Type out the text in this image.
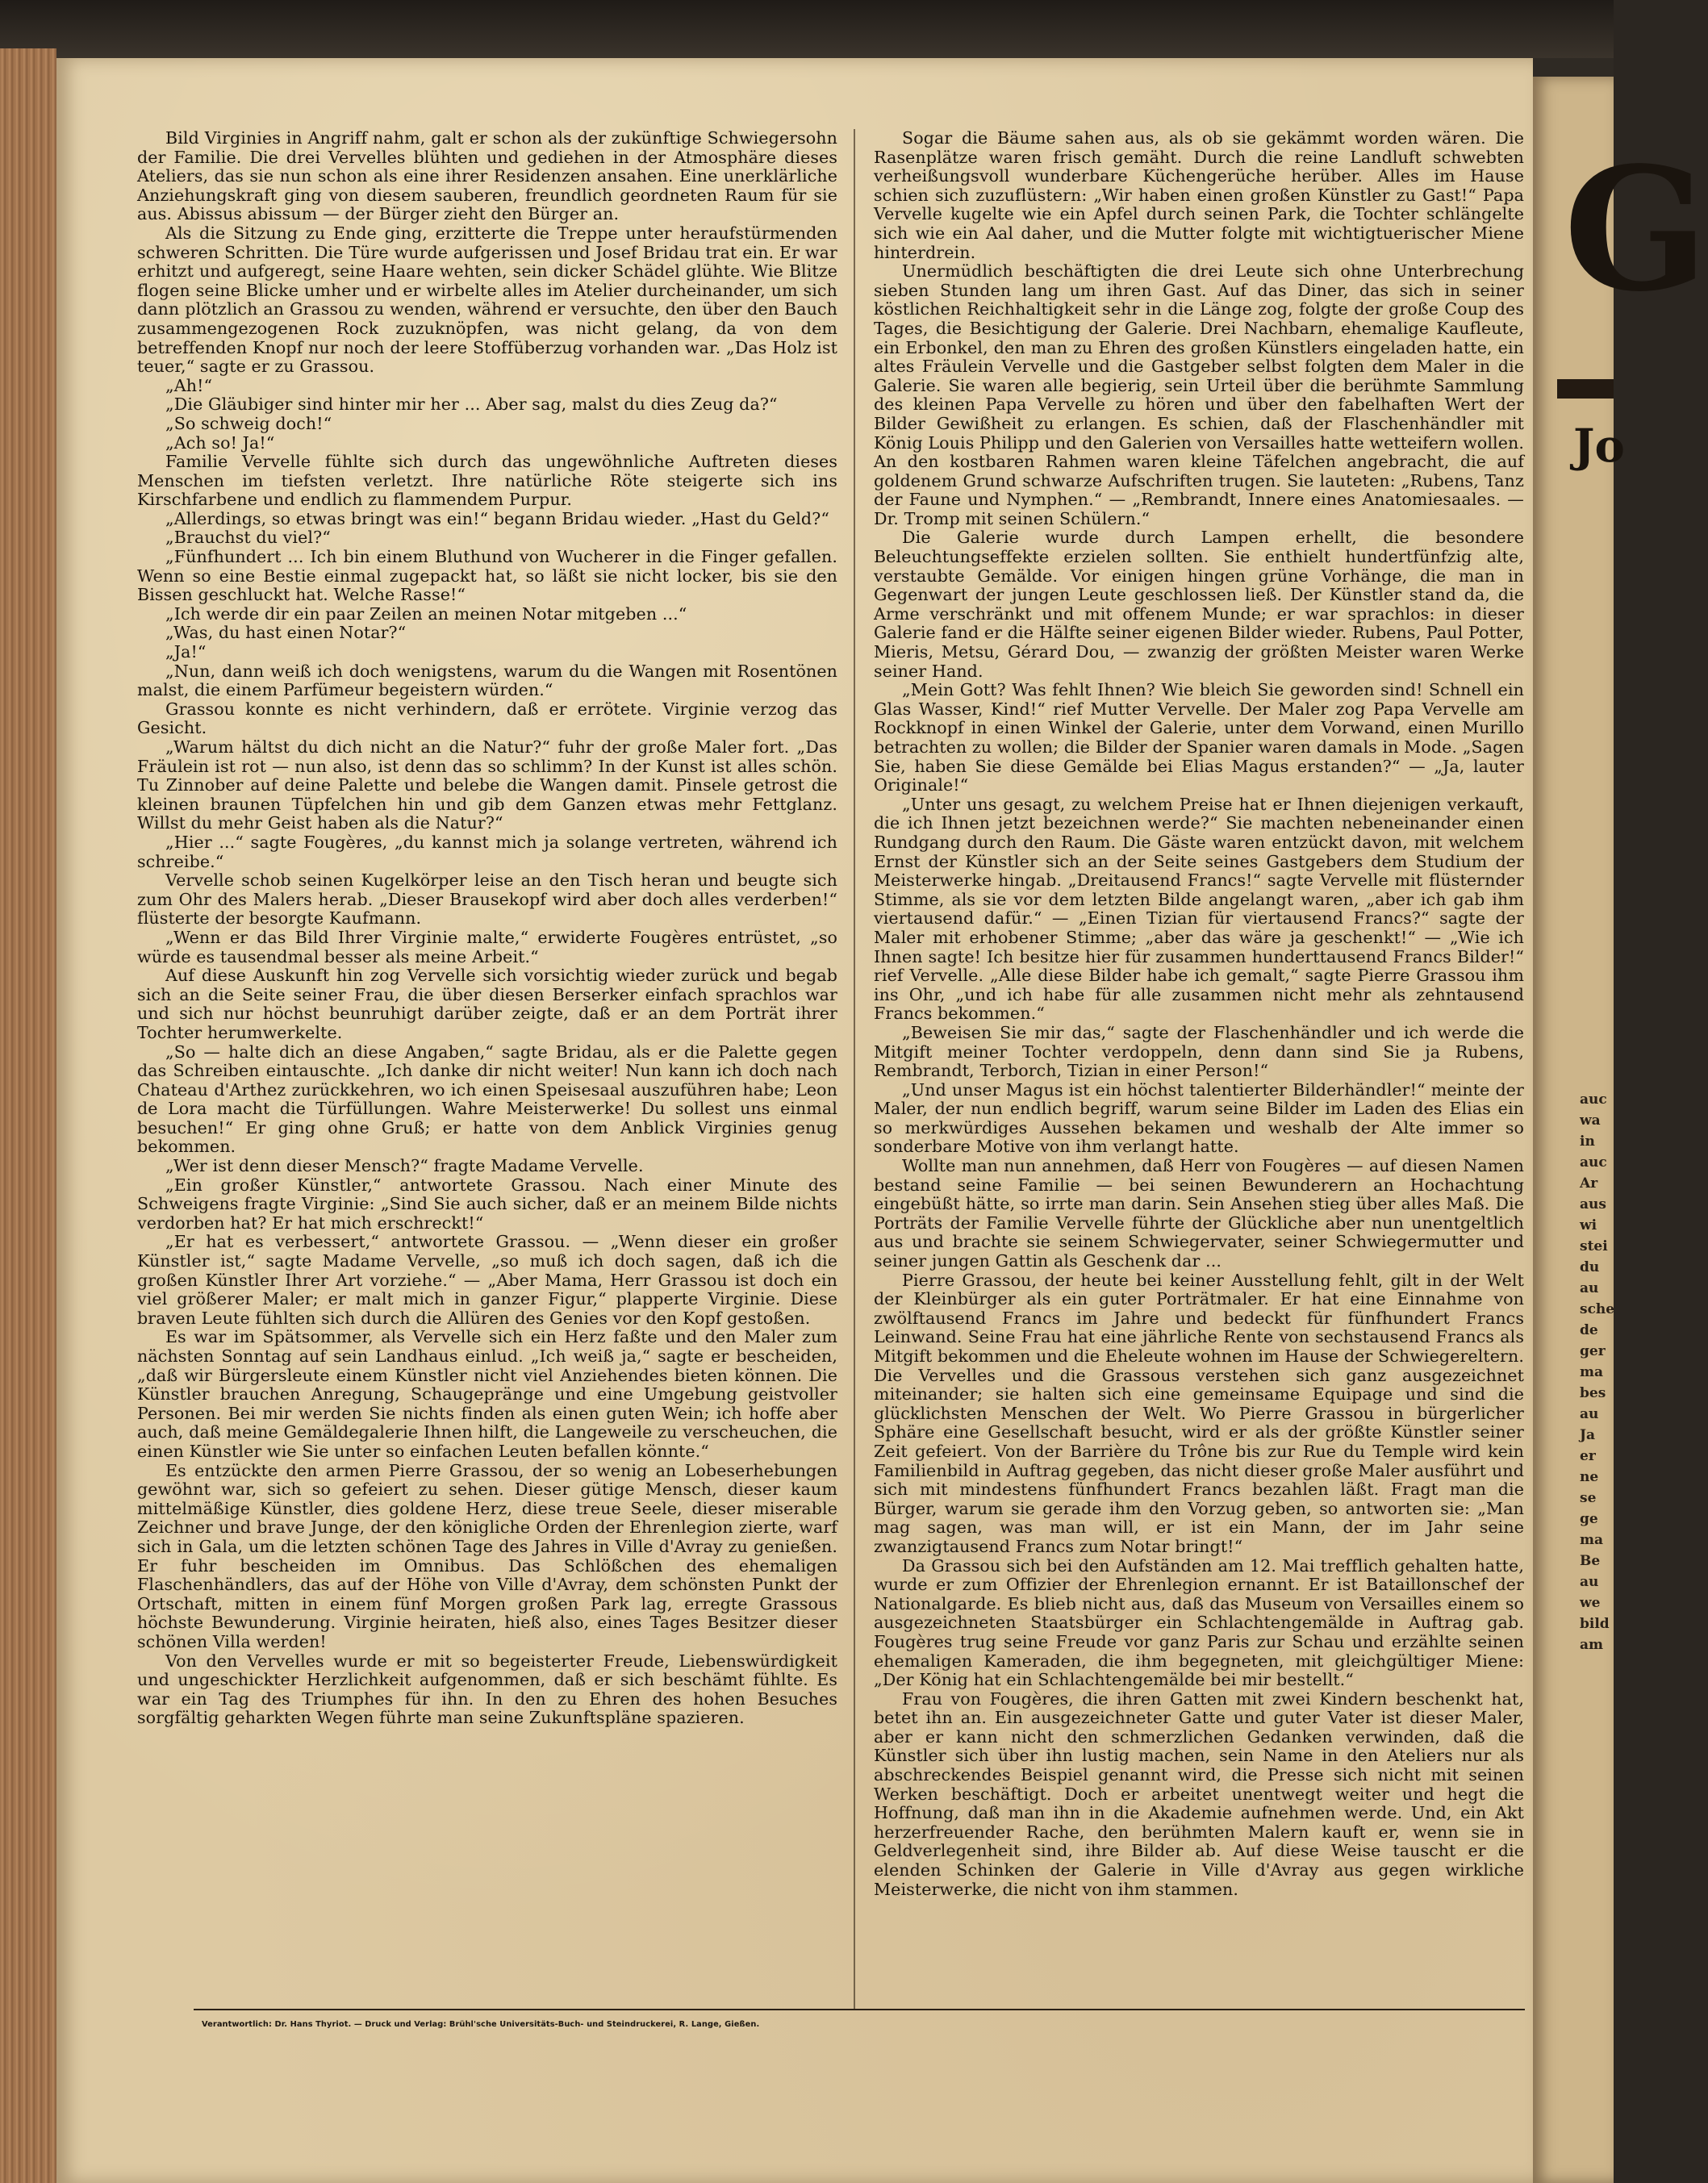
G
Jo
auc
wa
in
auc
Ar
aus
wi
stei
du
au
sche
de
ger
ma
bes
au
Ja
er
ne
se
ge
ma
Be
au
we
bild
am

Bild Virginies in Angriff nahm, galt er schon als der zukünftige Schwiegersohn der Familie. Die drei Vervelles blühten und gediehen in der Atmosphäre dieses Ateliers, das sie nun schon als eine ihrer Residenzen ansahen. Eine unerklärliche Anziehungskraft ging von diesem sauberen, freundlich geordneten Raum für sie aus. Abissus abissum — der Bürger zieht den Bürger an.

Als die Sitzung zu Ende ging, erzitterte die Treppe unter heraufstürmenden schweren Schritten. Die Türe wurde aufgerissen und Josef Bridau trat ein. Er war erhitzt und aufgeregt, seine Haare wehten, sein dicker Schädel glühte. Wie Blitze flogen seine Blicke umher und er wirbelte alles im Atelier durcheinander, um sich dann plötzlich an Grassou zu wenden, während er versuchte, den über den Bauch zusammengezogenen Rock zuzuknöpfen, was nicht gelang, da von dem betreffenden Knopf nur noch der leere Stoffüberzug vorhanden war. „Das Holz ist teuer,“ sagte er zu Grassou.

„Ah!“

„Die Gläubiger sind hinter mir her ... Aber sag, malst du dies Zeug da?“

„So schweig doch!“

„Ach so! Ja!“

Familie Vervelle fühlte sich durch das ungewöhnliche Auftreten dieses Menschen im tiefsten verletzt. Ihre natürliche Röte steigerte sich ins Kirschfarbene und endlich zu flammendem Purpur.

„Allerdings, so etwas bringt was ein!“ begann Bridau wieder. „Hast du Geld?“

„Brauchst du viel?“

„Fünfhundert ... Ich bin einem Bluthund von Wucherer in die Finger gefallen. Wenn so eine Bestie einmal zugepackt hat, so läßt sie nicht locker, bis sie den Bissen geschluckt hat. Welche Rasse!“

„Ich werde dir ein paar Zeilen an meinen Notar mitgeben ...“

„Was, du hast einen Notar?“

„Ja!“

„Nun, dann weiß ich doch wenigstens, warum du die Wangen mit Rosentönen malst, die einem Parfümeur begeistern würden.“

Grassou konnte es nicht verhindern, daß er errötete. Virginie verzog das Gesicht.

„Warum hältst du dich nicht an die Natur?“ fuhr der große Maler fort. „Das Fräulein ist rot — nun also, ist denn das so schlimm? In der Kunst ist alles schön. Tu Zinnober auf deine Palette und belebe die Wangen damit. Pinsele getrost die kleinen braunen Tüpfelchen hin und gib dem Ganzen etwas mehr Fettglanz. Willst du mehr Geist haben als die Natur?“

„Hier ...“ sagte Fougères, „du kannst mich ja solange vertreten, während ich schreibe.“

Vervelle schob seinen Kugelkörper leise an den Tisch heran und beugte sich zum Ohr des Malers herab. „Dieser Brausekopf wird aber doch alles verderben!“ flüsterte der besorgte Kaufmann.

„Wenn er das Bild Ihrer Virginie malte,“ erwiderte Fougères entrüstet, „so würde es tausendmal besser als meine Arbeit.“

Auf diese Auskunft hin zog Vervelle sich vorsichtig wieder zurück und begab sich an die Seite seiner Frau, die über diesen Berserker einfach sprachlos war und sich nur höchst beunruhigt darüber zeigte, daß er an dem Porträt ihrer Tochter herumwerkelte.

„So — halte dich an diese Angaben,“ sagte Bridau, als er die Palette gegen das Schreiben eintauschte. „Ich danke dir nicht weiter! Nun kann ich doch nach Chateau d'Arthez zurückkehren, wo ich einen Speisesaal auszuführen habe; Leon de Lora macht die Türfüllungen. Wahre Meisterwerke! Du sollest uns einmal besuchen!“ Er ging ohne Gruß; er hatte von dem Anblick Virginies genug bekommen.

„Wer ist denn dieser Mensch?“ fragte Madame Vervelle.

„Ein großer Künstler,“ antwortete Grassou. Nach einer Minute des Schweigens fragte Virginie: „Sind Sie auch sicher, daß er an meinem Bilde nichts verdorben hat? Er hat mich erschreckt!“

„Er hat es verbessert,“ antwortete Grassou. — „Wenn dieser ein großer Künstler ist,“ sagte Madame Vervelle, „so muß ich doch sagen, daß ich die großen Künstler Ihrer Art vorziehe.“ — „Aber Mama, Herr Grassou ist doch ein viel größerer Maler; er malt mich in ganzer Figur,“ plapperte Virginie. Diese braven Leute fühlten sich durch die Allüren des Genies vor den Kopf gestoßen.

Es war im Spätsommer, als Vervelle sich ein Herz faßte und den Maler zum nächsten Sonntag auf sein Landhaus einlud. „Ich weiß ja,“ sagte er bescheiden, „daß wir Bürgersleute einem Künstler nicht viel Anziehendes bieten können. Die Künstler brauchen Anregung, Schaugepränge und eine Umgebung geistvoller Personen. Bei mir werden Sie nichts finden als einen guten Wein; ich hoffe aber auch, daß meine Gemäldegalerie Ihnen hilft, die Langeweile zu verscheuchen, die einen Künstler wie Sie unter so einfachen Leuten befallen könnte.“

Es entzückte den armen Pierre Grassou, der so wenig an Lobeserhebungen gewöhnt war, sich so gefeiert zu sehen. Dieser gütige Mensch, dieser kaum mittelmäßige Künstler, dies goldene Herz, diese treue Seele, dieser miserable Zeichner und brave Junge, der den königliche Orden der Ehrenlegion zierte, warf sich in Gala, um die letzten schönen Tage des Jahres in Ville d'Avray zu genießen. Er fuhr bescheiden im Omnibus. Das Schlößchen des ehemaligen Flaschenhändlers, das auf der Höhe von Ville d'Avray, dem schönsten Punkt der Ortschaft, mitten in einem fünf Morgen großen Park lag, erregte Grassous höchste Bewunderung. Virginie heiraten, hieß also, eines Tages Besitzer dieser schönen Villa werden!

Von den Vervelles wurde er mit so begeisterter Freude, Liebenswürdigkeit und ungeschickter Herzlichkeit aufgenommen, daß er sich beschämt fühlte. Es war ein Tag des Triumphes für ihn. In den zu Ehren des hohen Besuches sorgfältig geharkten Wegen führte man seine Zukunftspläne spazieren.

Sogar die Bäume sahen aus, als ob sie gekämmt worden wären. Die Rasenplätze waren frisch gemäht. Durch die reine Landluft schwebten verheißungsvoll wunderbare Küchengerüche herüber. Alles im Hause schien sich zuzuflüstern: „Wir haben einen großen Künstler zu Gast!“ Papa Vervelle kugelte wie ein Apfel durch seinen Park, die Tochter schlängelte sich wie ein Aal daher, und die Mutter folgte mit wichtigtuerischer Miene hinterdrein.

Unermüdlich beschäftigten die drei Leute sich ohne Unterbrechung sieben Stunden lang um ihren Gast. Auf das Diner, das sich in seiner köstlichen Reichhaltigkeit sehr in die Länge zog, folgte der große Coup des Tages, die Besichtigung der Galerie. Drei Nachbarn, ehemalige Kaufleute, ein Erbonkel, den man zu Ehren des großen Künstlers eingeladen hatte, ein altes Fräulein Vervelle und die Gastgeber selbst folgten dem Maler in die Galerie. Sie waren alle begierig, sein Urteil über die berühmte Sammlung des kleinen Papa Vervelle zu hören und über den fabelhaften Wert der Bilder Gewißheit zu erlangen. Es schien, daß der Flaschenhändler mit König Louis Philipp und den Galerien von Versailles hatte wetteifern wollen. An den kostbaren Rahmen waren kleine Täfelchen angebracht, die auf goldenem Grund schwarze Aufschriften trugen. Sie lauteten: „Rubens, Tanz der Faune und Nymphen.“ — „Rembrandt, Innere eines Anatomiesaales. — Dr. Tromp mit seinen Schülern.“

Die Galerie wurde durch Lampen erhellt, die besondere Beleuchtungseffekte erzielen sollten. Sie enthielt hundertfünfzig alte, verstaubte Gemälde. Vor einigen hingen grüne Vorhänge, die man in Gegenwart der jungen Leute geschlossen ließ. Der Künstler stand da, die Arme verschränkt und mit offenem Munde; er war sprachlos: in dieser Galerie fand er die Hälfte seiner eigenen Bilder wieder. Rubens, Paul Potter, Mieris, Metsu, Gérard Dou, — zwanzig der größten Meister waren Werke seiner Hand.

„Mein Gott? Was fehlt Ihnen? Wie bleich Sie geworden sind! Schnell ein Glas Wasser, Kind!“ rief Mutter Vervelle. Der Maler zog Papa Vervelle am Rockknopf in einen Winkel der Galerie, unter dem Vorwand, einen Murillo betrachten zu wollen; die Bilder der Spanier waren damals in Mode. „Sagen Sie, haben Sie diese Gemälde bei Elias Magus erstanden?“ — „Ja, lauter Originale!“

„Unter uns gesagt, zu welchem Preise hat er Ihnen diejenigen verkauft, die ich Ihnen jetzt bezeichnen werde?“ Sie machten nebeneinander einen Rundgang durch den Raum. Die Gäste waren entzückt davon, mit welchem Ernst der Künstler sich an der Seite seines Gastgebers dem Studium der Meisterwerke hingab. „Dreitausend Francs!“ sagte Vervelle mit flüsternder Stimme, als sie vor dem letzten Bilde angelangt waren, „aber ich gab ihm viertausend dafür.“ — „Einen Tizian für viertausend Francs?“ sagte der Maler mit erhobener Stimme; „aber das wäre ja geschenkt!“ — „Wie ich Ihnen sagte! Ich besitze hier für zusammen hunderttausend Francs Bilder!“ rief Vervelle. „Alle diese Bilder habe ich gemalt,“ sagte Pierre Grassou ihm ins Ohr, „und ich habe für alle zusammen nicht mehr als zehntausend Francs bekommen.“

„Beweisen Sie mir das,“ sagte der Flaschenhändler und ich werde die Mitgift meiner Tochter verdoppeln, denn dann sind Sie ja Rubens, Rembrandt, Terborch, Tizian in einer Person!“

„Und unser Magus ist ein höchst talentierter Bilderhändler!“ meinte der Maler, der nun endlich begriff, warum seine Bilder im Laden des Elias ein so merkwürdiges Aussehen bekamen und weshalb der Alte immer so sonderbare Motive von ihm verlangt hatte.

Wollte man nun annehmen, daß Herr von Fougères — auf diesen Namen bestand seine Familie — bei seinen Bewunderern an Hochachtung eingebüßt hätte, so irrte man darin. Sein Ansehen stieg über alles Maß. Die Porträts der Familie Vervelle führte der Glückliche aber nun unentgeltlich aus und brachte sie seinem Schwiegervater, seiner Schwiegermutter und seiner jungen Gattin als Geschenk dar ...

Pierre Grassou, der heute bei keiner Ausstellung fehlt, gilt in der Welt der Kleinbürger als ein guter Porträtmaler. Er hat eine Einnahme von zwölftausend Francs im Jahre und bedeckt für fünfhundert Francs Leinwand. Seine Frau hat eine jährliche Rente von sechstausend Francs als Mitgift bekommen und die Eheleute wohnen im Hause der Schwiegereltern. Die Vervelles und die Grassous verstehen sich ganz ausgezeichnet miteinander; sie halten sich eine gemeinsame Equipage und sind die glücklichsten Menschen der Welt. Wo Pierre Grassou in bürgerlicher Sphäre eine Gesellschaft besucht, wird er als der größte Künstler seiner Zeit gefeiert. Von der Barrière du Trône bis zur Rue du Temple wird kein Familienbild in Auftrag gegeben, das nicht dieser große Maler ausführt und sich mit mindestens fünfhundert Francs bezahlen läßt. Fragt man die Bürger, warum sie gerade ihm den Vorzug geben, so antworten sie: „Man mag sagen, was man will, er ist ein Mann, der im Jahr seine zwanzigtausend Francs zum Notar bringt!“

Da Grassou sich bei den Aufständen am 12. Mai trefflich gehalten hatte, wurde er zum Offizier der Ehrenlegion ernannt. Er ist Bataillonschef der Nationalgarde. Es blieb nicht aus, daß das Museum von Versailles einem so ausgezeichneten Staatsbürger ein Schlachtengemälde in Auftrag gab. Fougères trug seine Freude vor ganz Paris zur Schau und erzählte seinen ehemaligen Kameraden, die ihm begegneten, mit gleichgültiger Miene: „Der König hat ein Schlachtengemälde bei mir bestellt.“

Frau von Fougères, die ihren Gatten mit zwei Kindern beschenkt hat, betet ihn an. Ein ausgezeichneter Gatte und guter Vater ist dieser Maler, aber er kann nicht den schmerzlichen Gedanken verwinden, daß die Künstler sich über ihn lustig machen, sein Name in den Ateliers nur als abschreckendes Beispiel genannt wird, die Presse sich nicht mit seinen Werken beschäftigt. Doch er arbeitet unentwegt weiter und hegt die Hoffnung, daß man ihn in die Akademie aufnehmen werde. Und, ein Akt herzerfreuender Rache, den berühmten Malern kauft er, wenn sie in Geldverlegenheit sind, ihre Bilder ab. Auf diese Weise tauscht er die elenden Schinken der Galerie in Ville d'Avray aus gegen wirkliche Meisterwerke, die nicht von ihm stammen.

Verantwortlich: Dr. Hans Thyriot. — Druck und Verlag: Brühl'sche Universitäts-Buch- und Steindruckerei, R. Lange, Gießen.
